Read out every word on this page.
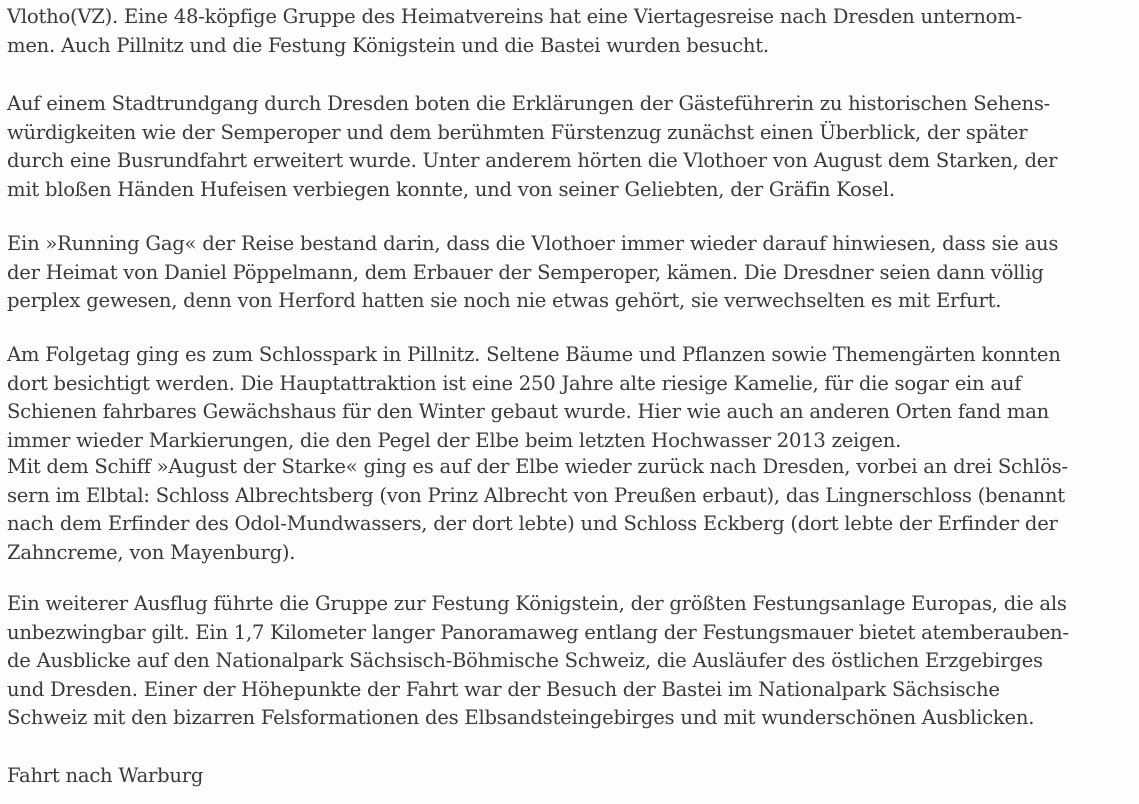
Vlotho(VZ). Eine 48-köpfige Gruppe des Heimatvereins hat eine Viertagesreise nach Dresden unternom-
men. Auch Pillnitz und die Festung Königstein und die Bastei wurden besucht.
Auf einem Stadtrundgang durch Dresden boten die Erklärungen der Gästeführerin zu historischen Sehens-
würdigkeiten wie der Semperoper und dem berühmten Fürstenzug zunächst einen Überblick, der später
durch eine Busrundfahrt erweitert wurde. Unter anderem hörten die Vlothoer von August dem Starken, der
mit bloßen Händen Hufeisen verbiegen konnte, und von seiner Geliebten, der Gräfin Kosel.
Ein »Running Gag« der Reise bestand darin, dass die Vlothoer immer wieder darauf hinwiesen, dass sie aus
der Heimat von Daniel Pöppelmann, dem Erbauer der Semperoper, kämen. Die Dresdner seien dann völlig
perplex gewesen, denn von Herford hatten sie noch nie etwas gehört, sie verwechselten es mit Erfurt.
Am Folgetag ging es zum Schlosspark in Pillnitz. Seltene Bäume und Pflanzen sowie Themengärten konnten
dort besichtigt werden. Die Hauptattraktion ist eine 250 Jahre alte riesige Kamelie, für die sogar ein auf
Schienen fahrbares Gewächshaus für den Winter gebaut wurde. Hier wie auch an anderen Orten fand man
immer wieder Markierungen, die den Pegel der Elbe beim letzten Hochwasser 2013 zeigen.
Mit dem Schiff »August der Starke« ging es auf der Elbe wieder zurück nach Dresden, vorbei an drei Schlös-
sern im Elbtal: Schloss Albrechtsberg (von Prinz Albrecht von Preußen erbaut), das Lingnerschloss (benannt
nach dem Erfinder des Odol-Mundwassers, der dort lebte) und Schloss Eckberg (dort lebte der Erfinder der
Zahncreme, von Mayenburg).
Ein weiterer Ausflug führte die Gruppe zur Festung Königstein, der größten Festungsanlage Europas, die als
unbezwingbar gilt. Ein 1,7 Kilometer langer Panoramaweg entlang der Festungsmauer bietet atemberauben-
de Ausblicke auf den Nationalpark Sächsisch-Böhmische Schweiz, die Ausläufer des östlichen Erzgebirges
und Dresden. Einer der Höhepunkte der Fahrt war der Besuch der Bastei im Nationalpark Sächsische
Schweiz mit den bizarren Felsformationen des Elbsandsteingebirges und mit wunderschönen Ausblicken.
Fahrt nach Warburg
